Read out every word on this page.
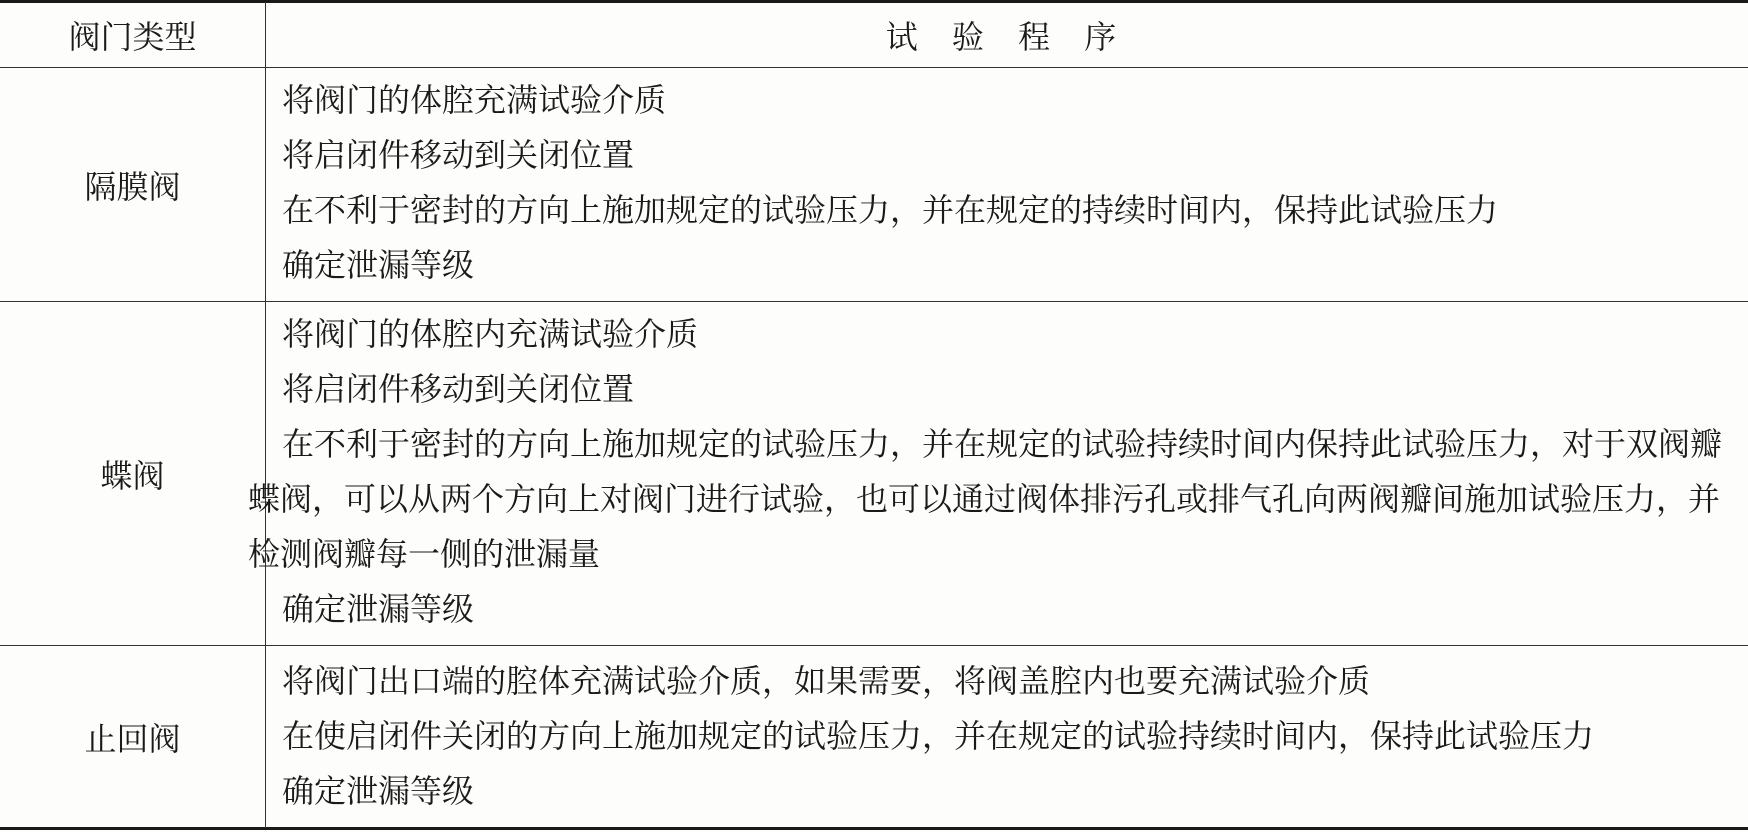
阀门类型	试 验 程 序
隔膜阀
将阀门的体腔充满试验介质
将启闭件移动到关闭位置
在不利于密封的方向上施加规定的试验压力，并在规定的持续时间内，保持此试验压力
确定泄漏等级
蝶阀
将阀门的体腔内充满试验介质
将启闭件移动到关闭位置
在不利于密封的方向上施加规定的试验压力，并在规定的试验持续时间内保持此试验压力，对于双阀瓣蝶阀，可以从两个方向上对阀门进行试验，也可以通过阀体排污孔或排气孔向两阀瓣间施加试验压力，并检测阀瓣每一侧的泄漏量
确定泄漏等级
止回阀
将阀门出口端的腔体充满试验介质，如果需要，将阀盖腔内也要充满试验介质
在使启闭件关闭的方向上施加规定的试验压力，并在规定的试验持续时间内，保持此试验压力
确定泄漏等级
